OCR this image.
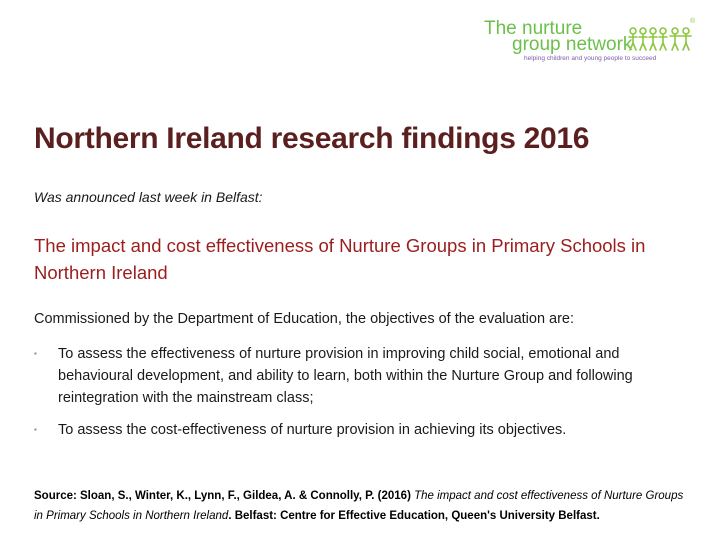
The nurture
group network
helping children and young people to succeed
®
Northern Ireland research findings 2016
Was announced last week in Belfast:
The impact and cost effectiveness of Nurture Groups in Primary Schools in Northern Ireland
Commissioned by the Department of Education, the objectives of the evaluation are:
▪ To assess the effectiveness of nurture provision in improving child social, emotional and behavioural development, and ability to learn, both within the Nurture Group and following reintegration with the mainstream class;
▪ To assess the cost-effectiveness of nurture provision in achieving its objectives.
Source: Sloan, S., Winter, K., Lynn, F., Gildea, A. & Connolly, P. (2016) The impact and cost effectiveness of Nurture Groups in Primary Schools in Northern Ireland. Belfast: Centre for Effective Education, Queen's University Belfast.
